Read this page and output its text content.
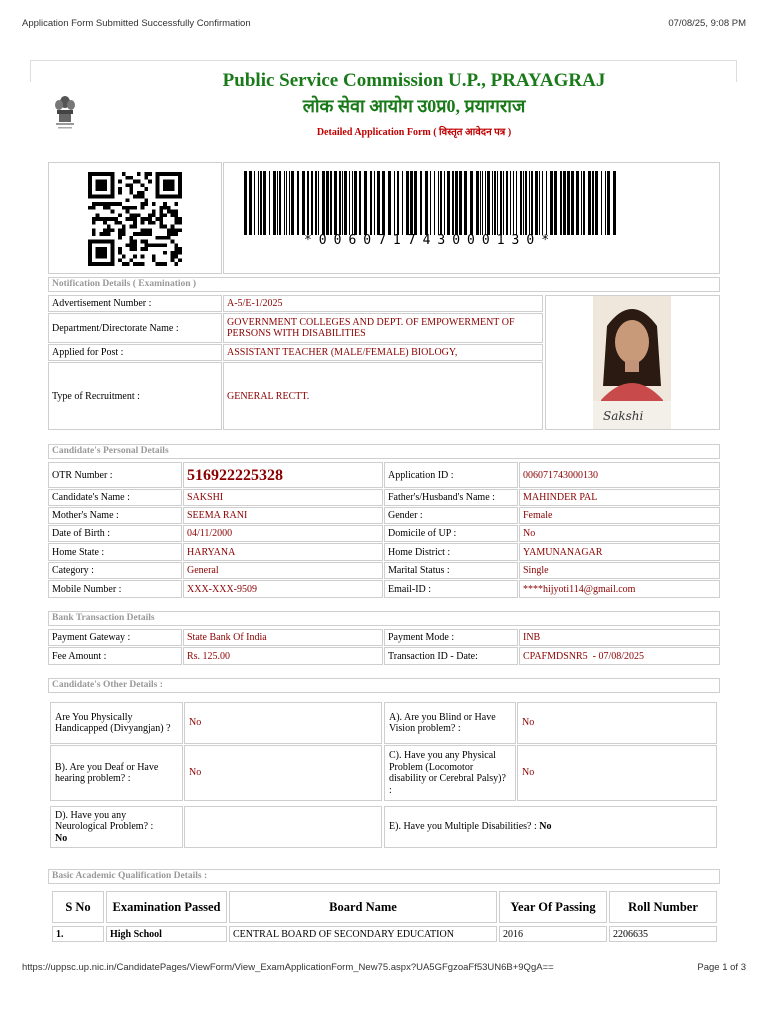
Application Form Submitted Successfully Confirmation	07/08/25, 9:08 PM
Public Service Commission U.P., PRAYAGRAJ
लोक सेवा आयोग उ0प्र0, प्रयागराज
Detailed Application Form ( विस्तृत आवेदन पत्र )
*006071743000130*
Notification Details ( Examination )
Advertisement Number :	A-5/E-1/2025
Department/Directorate Name :	GOVERNMENT COLLEGES AND DEPT. OF EMPOWERMENT OF PERSONS WITH DISABILITIES
Applied for Post :	ASSISTANT TEACHER (MALE/FEMALE) BIOLOGY,
Type of Recruitment :	GENERAL RECTT.
Sakshi
Candidate's Personal Details
OTR Number :	516922225328	Application ID :	006071743000130
Candidate's Name :	SAKSHI	Father's/Husband's Name :	MAHINDER PAL
Mother's Name :	SEEMA RANI	Gender :	Female
Date of Birth :	04/11/2000	Domicile of UP :	No
Home State :	HARYANA	Home District :	YAMUNANAGAR
Category :	General	Marital Status :	Single
Mobile Number :	XXX-XXX-9509	Email-ID :	****hijyoti114@gmail.com
Bank Transaction Details
Payment Gateway :	State Bank Of India	Payment Mode :	INB
Fee Amount :	Rs. 125.00	Transaction ID - Date:	CPAFMDSNR5  - 07/08/2025
Candidate's Other Details :
Are You Physically Handicapped (Divyangjan) ?
No
A). Are you Blind or Have Vision problem? :
No
B). Are you Deaf or Have hearing problem? :
No
C). Have you any Physical Problem (Locomotor disability or Cerebral Palsy)? :
No
D). Have you any Neurological Problem? :
No
E). Have you Multiple Disabilities? :
No
Basic Academic Qualification Details :
S No	Examination Passed	Board Name	Year Of Passing	Roll Number
1.	High School	CENTRAL BOARD OF SECONDARY EDUCATION	2016	2206635
https://uppsc.up.nic.in/CandidatePages/ViewForm/View_ExamApplicationForm_New75.aspx?UA5GFgzoaFf53UN6B+9QgA==	Page 1 of 3
